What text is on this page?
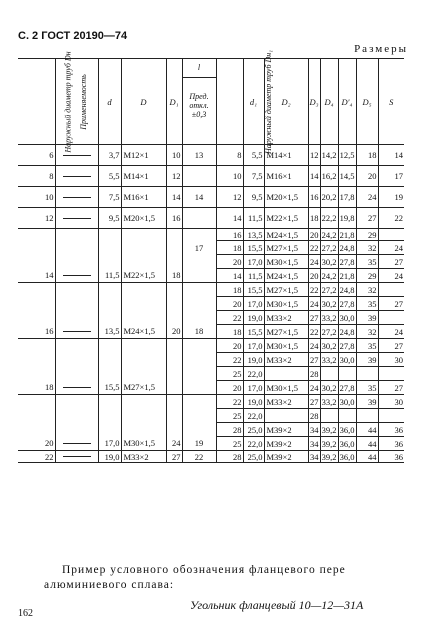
С. 2 ГОСТ 20190—74
Размеры
Наружный диаметр труб Dн	Применяемость	d	D	D₁	l
Пред. откл. ±0,3	Наружный диаметр труб Dн₁	d₁	D₂	D₃	D₄	D'₄	D₅	S
6		3,7	M12×1	10	13	8	5,5	M14×1	12	14,2	12,5	18	14
8		5,5	M14×1	12		10	7,5	M16×1	14	16,2	14,5	20	17
10		7,5	M16×1	14	14	12	9,5	M20×1,5	16	20,2	17,8	24	19
12		9,5	M20×1,5	16		14	11,5	M22×1,5	18	22,2	19,8	27	22
						16	13,5	M24×1,5	20	24,2	21,8	29	
					17	18	15,5	M27×1,5	22	27,2	24,8	32	24
						20	17,0	M30×1,5	24	30,2	27,8	35	27
14		11,5	M22×1,5	18		14	11,5	M24×1,5	20	24,2	21,8	29	24
						18	15,5	M27×1,5	22	27,2	24,8	32	
						20	17,0	M30×1,5	24	30,2	27,8	35	27
						22	19,0	M33×2	27	33,2	30,0	39	
16		13,5	M24×1,5	20	18	18	15,5	M27×1,5	22	27,2	24,8	32	24
						20	17,0	M30×1,5	24	30,2	27,8	35	27
						22	19,0	M33×2	27	33,2	30,0	39	30
						25	22,0		28				
18		15,5	M27×1,5			20	17,0	M30×1,5	24	30,2	27,8	35	27
						22	19,0	M33×2	27	33,2	30,0	39	30
						25	22,0		28				
						28	25,0	M39×2	34	39,2	36,0	44	36
20		17,0	M30×1,5	24	19	25	22,0	M39×2	34	39,2	36,0	44	36
22		19,0	M33×2	27	22	28	25,0	M39×2	34	39,2	36,0	44	36
Пример условного обозначения фланцевого пере
алюминиевого сплава:
Угольник фланцевый 10—12—31А
162
